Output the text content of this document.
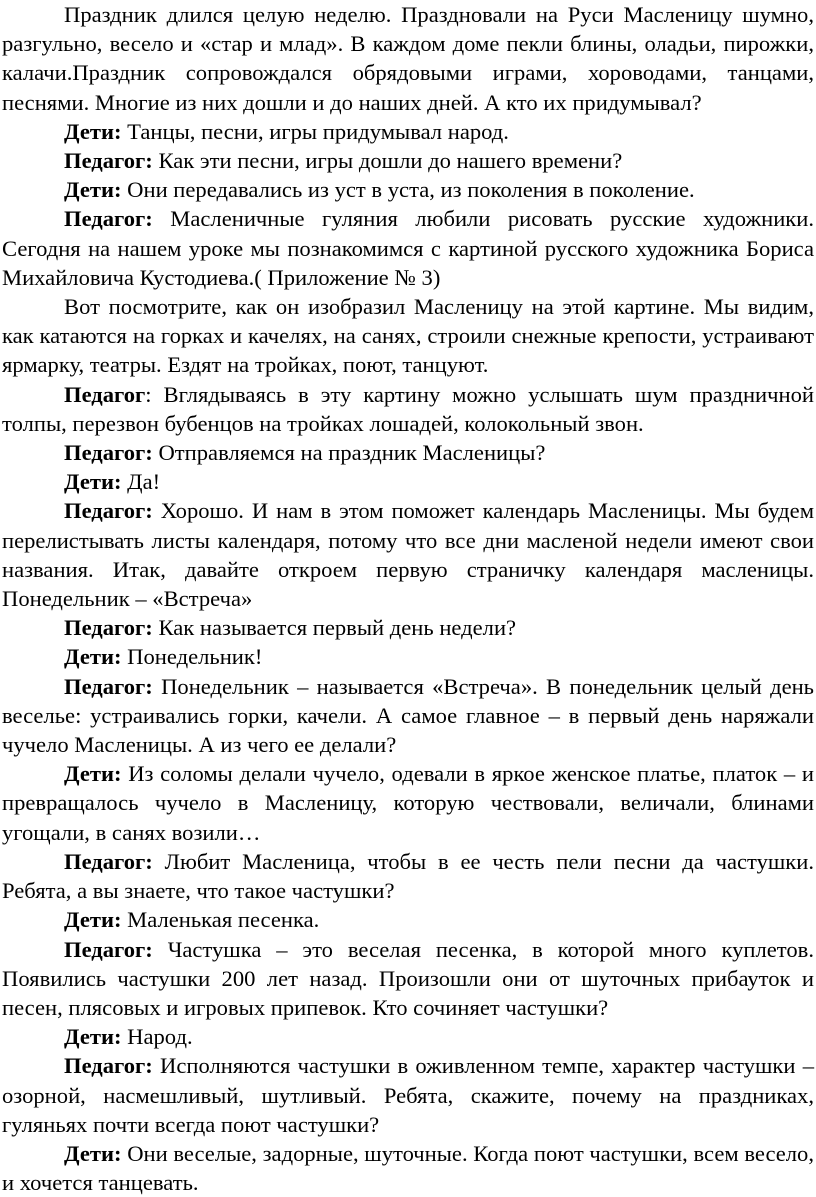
Праздник длился целую неделю. Праздновали на Руси Масленицу шумно, разгульно, весело и «стар и млад». В каждом доме пекли блины, оладьи, пирожки, калачи.Праздник сопровождался обрядовыми играми, хороводами, танцами, песнями. Многие из них дошли и до наших дней. А кто их придумывал?

Дети: Танцы, песни, игры придумывал народ.

Педагог: Как эти песни, игры дошли до нашего времени?

Дети: Они передавались из уст в уста, из поколения в поколение.

Педагог: Масленичные гуляния любили рисовать русские художники. Сегодня на нашем уроке мы познакомимся с картиной русского художника Бориса Михайловича Кустодиева.( Приложение № 3)

Вот посмотрите, как он изобразил Масленицу на этой картине. Мы видим, как катаются на горках и качелях, на санях, строили снежные крепости, устраивают ярмарку, театры. Ездят на тройках, поют, танцуют.

Педагог: Вглядываясь в эту картину можно услышать шум праздничной толпы, перезвон бубенцов на тройках лошадей, колокольный звон.

Педагог: Отправляемся на праздник Масленицы?

Дети: Да!

Педагог: Хорошо. И нам в этом поможет календарь Масленицы. Мы будем перелистывать листы календаря, потому что все дни масленой недели имеют свои названия. Итак, давайте откроем первую страничку календаря масленицы. Понедельник – «Встреча»

Педагог: Как называется первый день недели?

Дети: Понедельник!

Педагог: Понедельник – называется «Встреча». В понедельник целый день веселье: устраивались горки, качели. А самое главное – в первый день наряжали чучело Масленицы. А из чего ее делали?

Дети: Из соломы делали чучело, одевали в яркое женское платье, платок – и превращалось чучело в Масленицу, которую чествовали, величали, блинами угощали, в санях возили…

Педагог: Любит Масленица, чтобы в ее честь пели песни да частушки. Ребята, а вы знаете, что такое частушки?

Дети: Маленькая песенка.

Педагог: Частушка – это веселая песенка, в которой много куплетов. Появились частушки 200 лет назад. Произошли они от шуточных прибауток и песен, плясовых и игровых припевок. Кто сочиняет частушки?

Дети: Народ.

Педагог: Исполняются частушки в оживленном темпе, характер частушки – озорной, насмешливый, шутливый. Ребята, скажите, почему на праздниках, гуляньях почти всегда поют частушки?

Дети: Они веселые, задорные, шуточные. Когда поют частушки, всем весело, и хочется танцевать.
